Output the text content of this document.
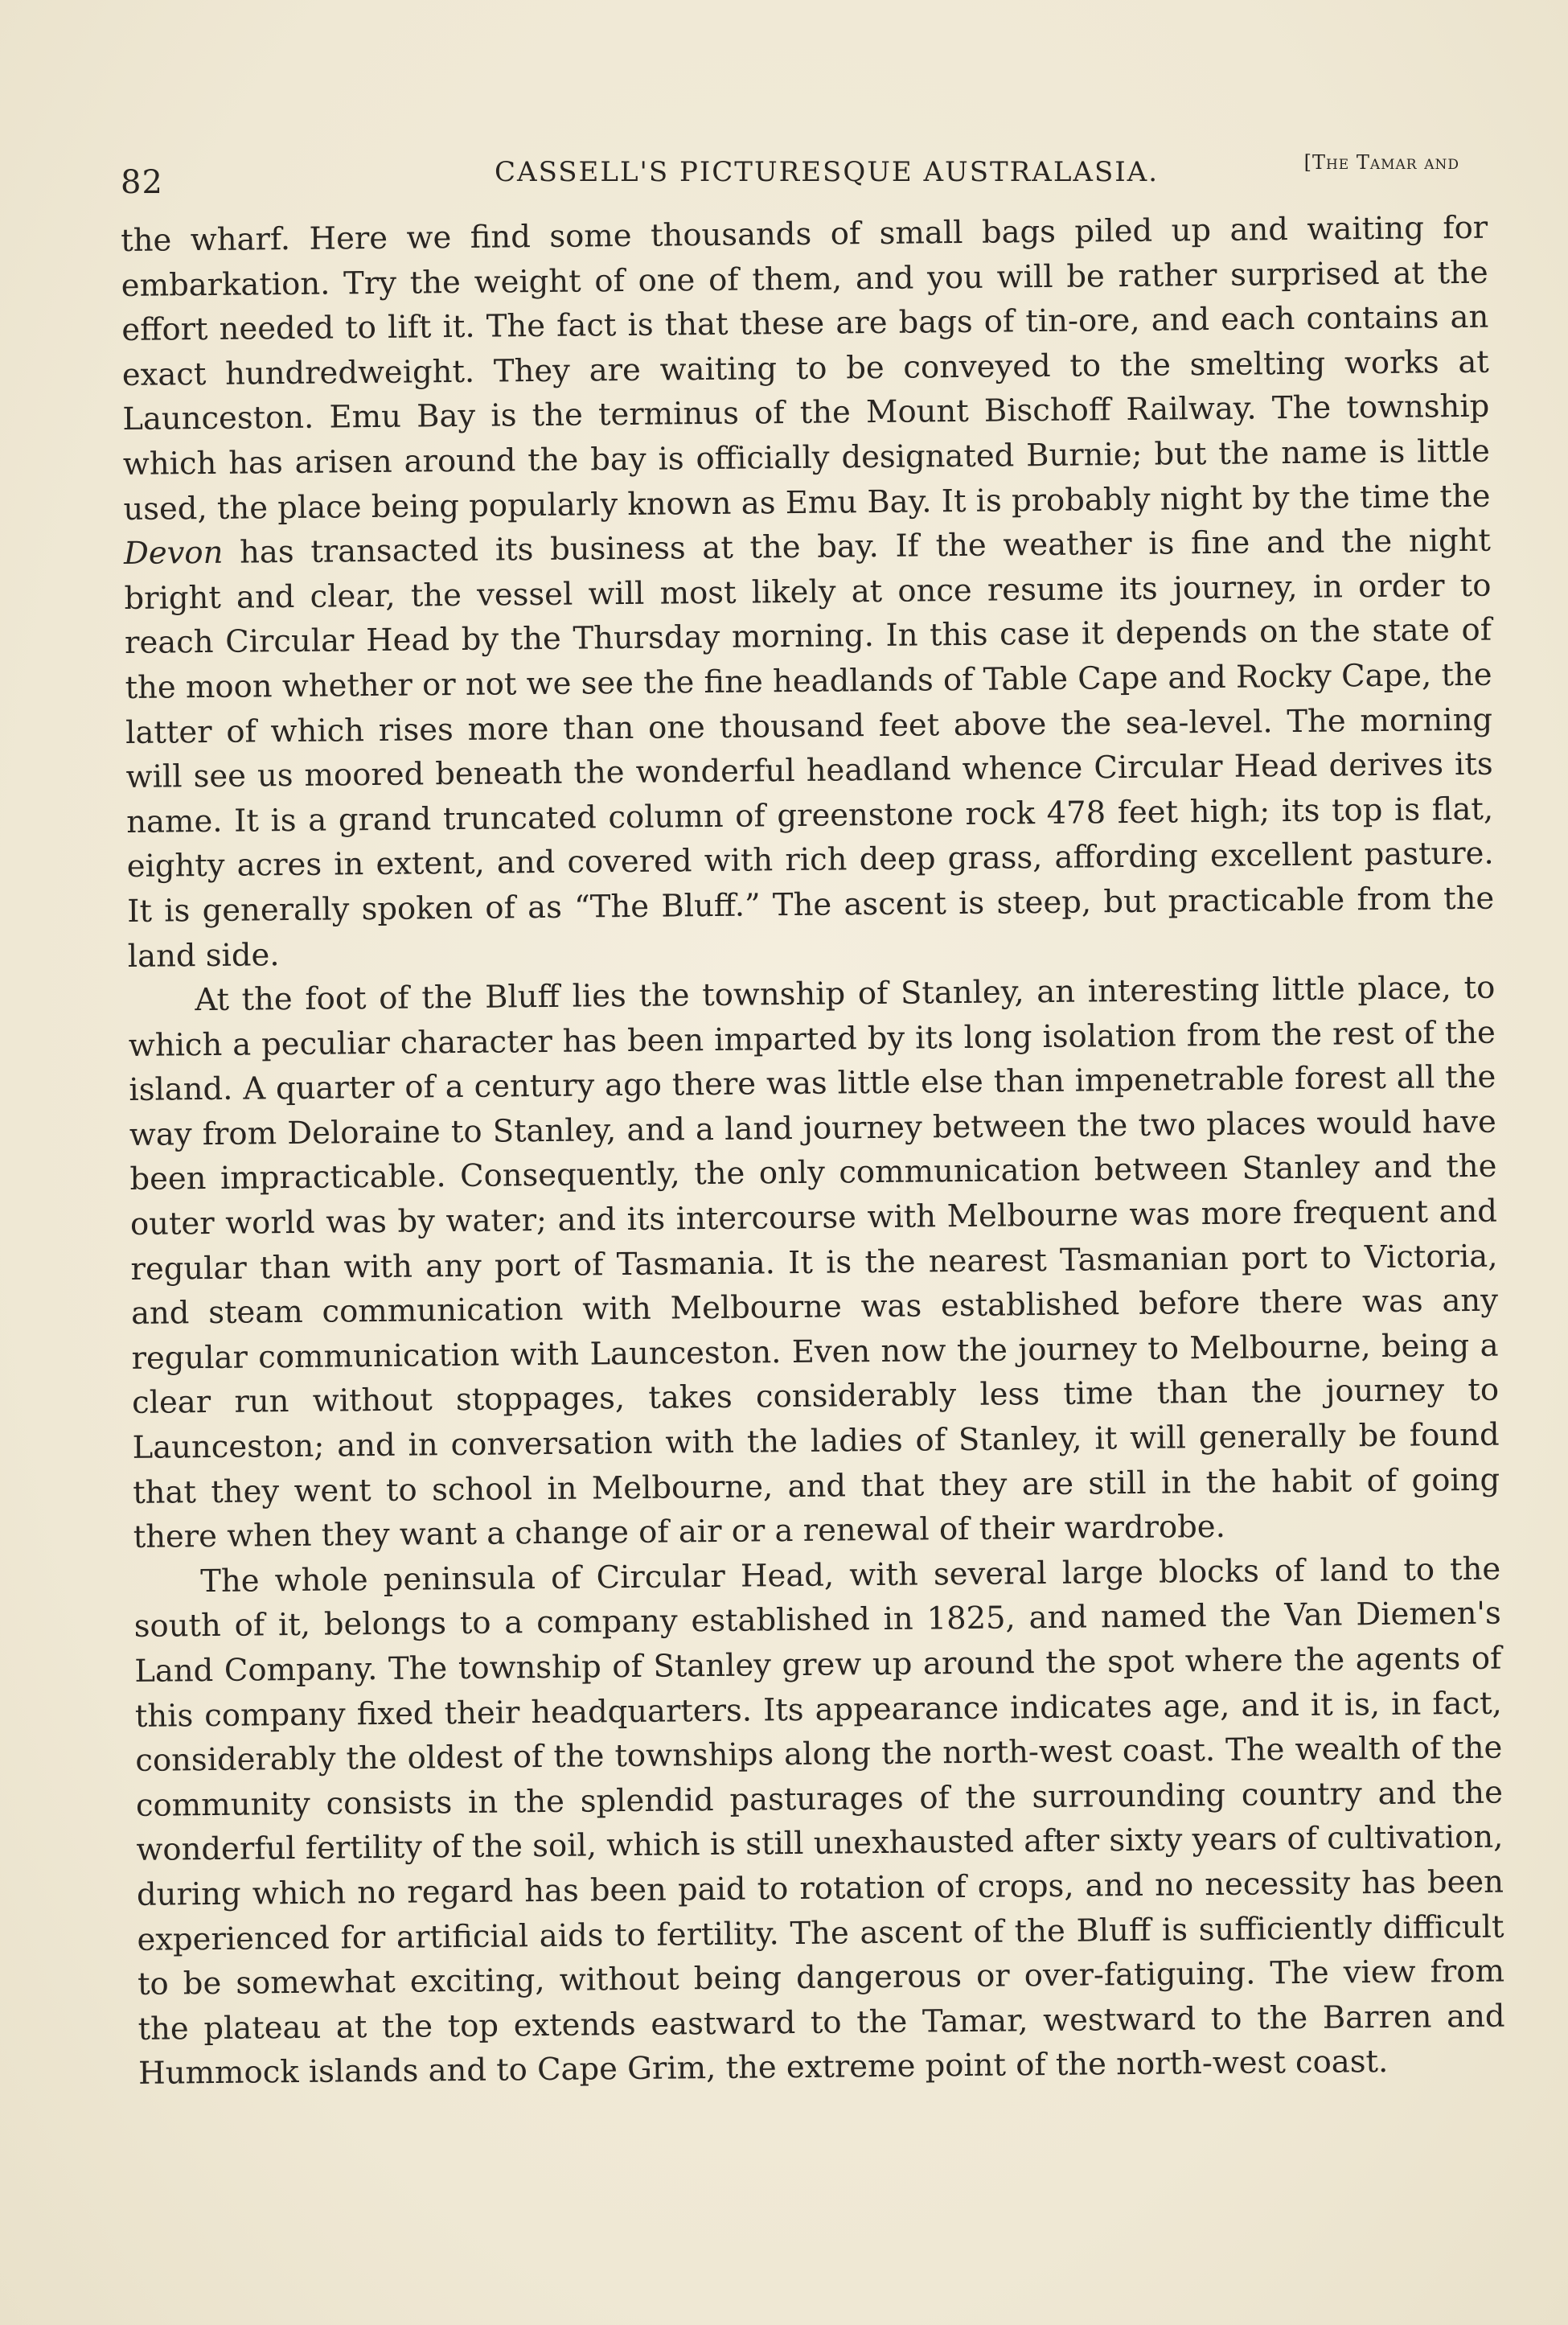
82	CASSELL'S PICTURESQUE AUSTRALASIA.	[The Tamar and

the wharf. Here we find some thousands of small bags piled up and waiting for embarkation. Try the weight of one of them, and you will be rather surprised at the effort needed to lift it. The fact is that these are bags of tin-ore, and each contains an exact hundredweight. They are waiting to be conveyed to the smelting works at Launceston. Emu Bay is the terminus of the Mount Bischoff Railway. The township which has arisen around the bay is officially designated Burnie; but the name is little used, the place being popularly known as Emu Bay. It is probably night by the time the Devon has transacted its business at the bay. If the weather is fine and the night bright and clear, the vessel will most likely at once resume its journey, in order to reach Circular Head by the Thursday morning. In this case it depends on the state of the moon whether or not we see the fine headlands of Table Cape and Rocky Cape, the latter of which rises more than one thousand feet above the sea-level. The morning will see us moored beneath the wonderful headland whence Circular Head derives its name. It is a grand truncated column of greenstone rock 478 feet high; its top is flat, eighty acres in extent, and covered with rich deep grass, affording excellent pasture. It is generally spoken of as “The Bluff.” The ascent is steep, but practicable from the land side.

At the foot of the Bluff lies the township of Stanley, an interesting little place, to which a peculiar character has been imparted by its long isolation from the rest of the island. A quarter of a century ago there was little else than impenetrable forest all the way from Deloraine to Stanley, and a land journey between the two places would have been impracticable. Consequently, the only communication between Stanley and the outer world was by water; and its intercourse with Melbourne was more frequent and regular than with any port of Tasmania. It is the nearest Tasmanian port to Victoria, and steam communication with Melbourne was established before there was any regular communication with Launceston. Even now the journey to Melbourne, being a clear run without stoppages, takes considerably less time than the journey to Launceston; and in conversation with the ladies of Stanley, it will generally be found that they went to school in Melbourne, and that they are still in the habit of going there when they want a change of air or a renewal of their wardrobe.

The whole peninsula of Circular Head, with several large blocks of land to the south of it, belongs to a company established in 1825, and named the Van Diemen's Land Company. The township of Stanley grew up around the spot where the agents of this company fixed their headquarters. Its appearance indicates age, and it is, in fact, considerably the oldest of the townships along the north-west coast. The wealth of the community consists in the splendid pasturages of the surrounding country and the wonderful fertility of the soil, which is still unexhausted after sixty years of cultivation, during which no regard has been paid to rotation of crops, and no necessity has been experienced for artificial aids to fertility. The ascent of the Bluff is sufficiently difficult to be somewhat exciting, without being dangerous or over-fatiguing. The view from the plateau at the top extends eastward to the Tamar, westward to the Barren and Hummock islands and to Cape Grim, the extreme point of the north-west coast.
